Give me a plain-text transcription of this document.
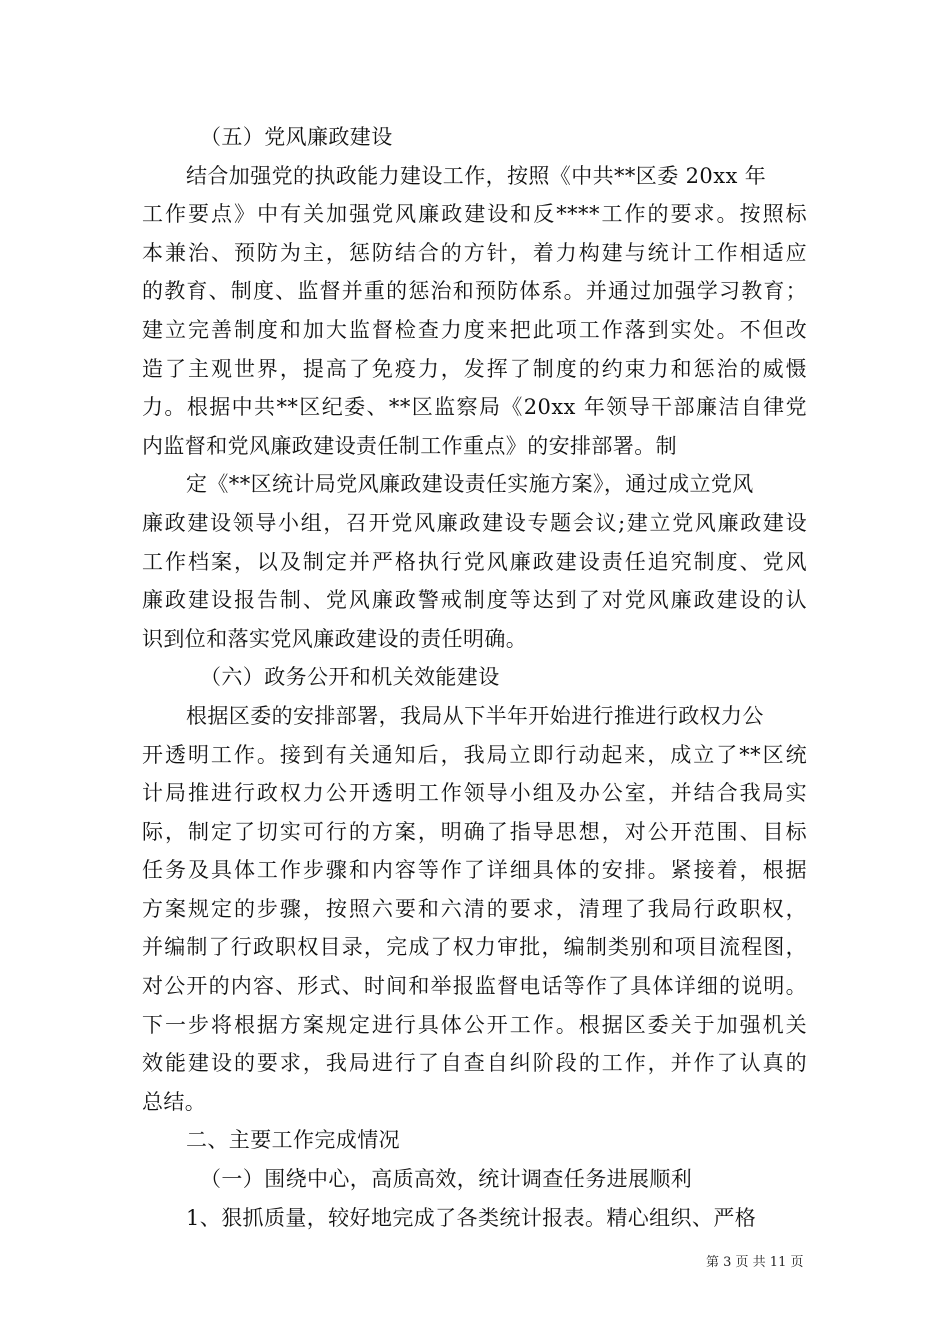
（五）党风廉政建设
结合加强党的执政能力建设工作，按照《中共**区委 20xx 年
工作要点》中有关加强党风廉政建设和反****工作的要求。按照标
本兼治、预防为主，惩防结合的方针，着力构建与统计工作相适应
的教育、制度、监督并重的惩治和预防体系。并通过加强学习教育；
建立完善制度和加大监督检查力度来把此项工作落到实处。不但改
造了主观世界，提高了免疫力，发挥了制度的约束力和惩治的威慑
力。根据中共**区纪委、**区监察局《20xx 年领导干部廉洁自律党
内监督和党风廉政建设责任制工作重点》的安排部署。制
定《**区统计局党风廉政建设责任实施方案》，通过成立党风
廉政建设领导小组，召开党风廉政建设专题会议;建立党风廉政建设
工作档案，以及制定并严格执行党风廉政建设责任追究制度、党风
廉政建设报告制、党风廉政警戒制度等达到了对党风廉政建设的认
识到位和落实党风廉政建设的责任明确。
（六）政务公开和机关效能建设
根据区委的安排部署，我局从下半年开始进行推进行政权力公
开透明工作。接到有关通知后，我局立即行动起来，成立了**区统
计局推进行政权力公开透明工作领导小组及办公室，并结合我局实
际，制定了切实可行的方案，明确了指导思想，对公开范围、目标
任务及具体工作步骤和内容等作了详细具体的安排。紧接着，根据
方案规定的步骤，按照六要和六清的要求，清理了我局行政职权，
并编制了行政职权目录，完成了权力审批，编制类别和项目流程图，
对公开的内容、形式、时间和举报监督电话等作了具体详细的说明。
下一步将根据方案规定进行具体公开工作。根据区委关于加强机关
效能建设的要求，我局进行了自查自纠阶段的工作，并作了认真的
总结。
二、主要工作完成情况
（一）围绕中心，高质高效，统计调查任务进展顺利
1、狠抓质量，较好地完成了各类统计报表。精心组织、严格
第 3 页 共 11 页
